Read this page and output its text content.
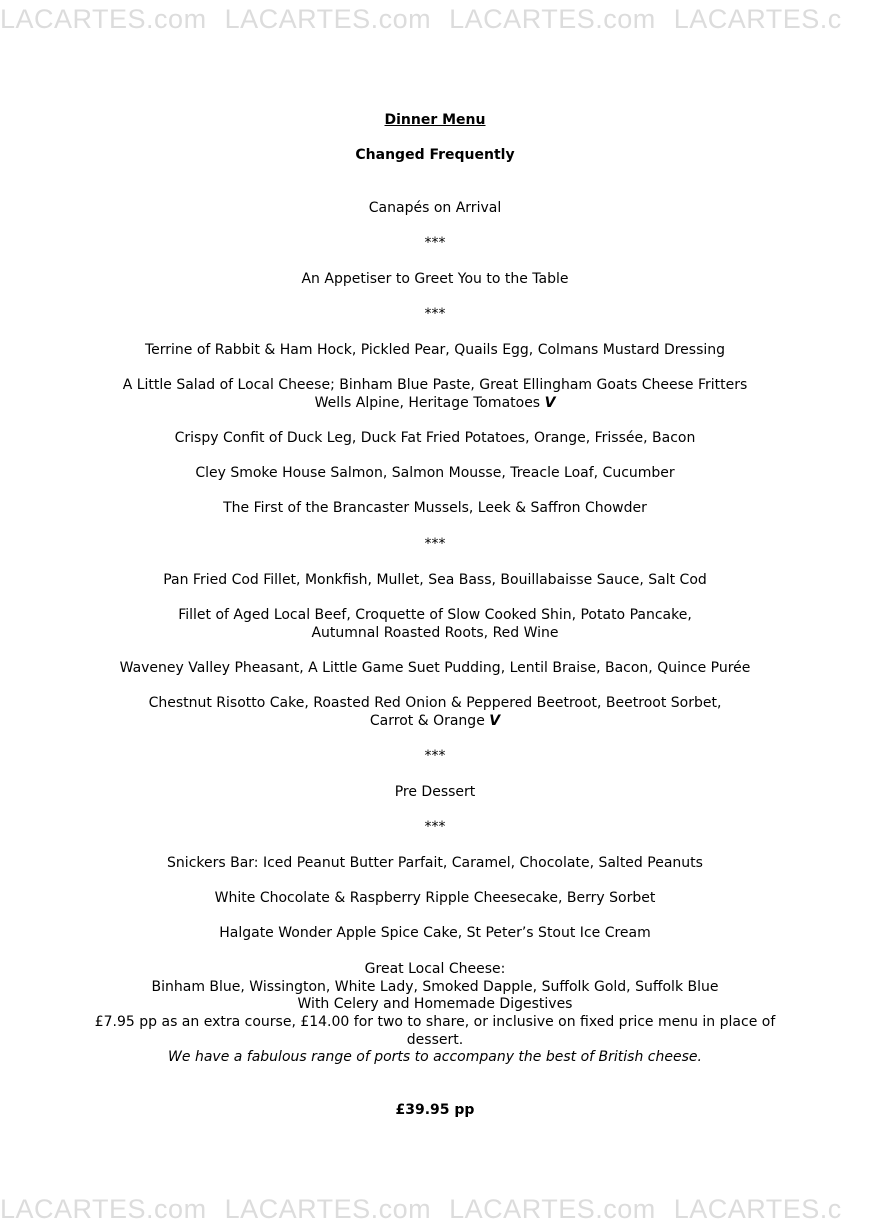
LACARTES.com LACARTES.com LACARTES.com LACARTES.c
Dinner Menu
Changed Frequently
Canapés on Arrival
***
An Appetiser to Greet You to the Table
***
Terrine of Rabbit & Ham Hock, Pickled Pear, Quails Egg, Colmans Mustard Dressing
A Little Salad of Local Cheese; Binham Blue Paste, Great Ellingham Goats Cheese Fritters
Wells Alpine, Heritage Tomatoes V
Crispy Confit of Duck Leg, Duck Fat Fried Potatoes, Orange, Frissée, Bacon
Cley Smoke House Salmon, Salmon Mousse, Treacle Loaf, Cucumber
The First of the Brancaster Mussels, Leek & Saffron Chowder
***
Pan Fried Cod Fillet, Monkfish, Mullet, Sea Bass, Bouillabaisse Sauce, Salt Cod
Fillet of Aged Local Beef, Croquette of Slow Cooked Shin, Potato Pancake,
Autumnal Roasted Roots, Red Wine
Waveney Valley Pheasant, A Little Game Suet Pudding, Lentil Braise, Bacon, Quince Purée
Chestnut Risotto Cake, Roasted Red Onion & Peppered Beetroot, Beetroot Sorbet,
Carrot & Orange V
***
Pre Dessert
***
Snickers Bar: Iced Peanut Butter Parfait, Caramel, Chocolate, Salted Peanuts
White Chocolate & Raspberry Ripple Cheesecake, Berry Sorbet
Halgate Wonder Apple Spice Cake, St Peter’s Stout Ice Cream
Great Local Cheese:
Binham Blue, Wissington, White Lady, Smoked Dapple, Suffolk Gold, Suffolk Blue
With Celery and Homemade Digestives
£7.95 pp as an extra course, £14.00 for two to share, or inclusive on fixed price menu in place of
dessert.
We have a fabulous range of ports to accompany the best of British cheese.
£39.95 pp
LACARTES.com LACARTES.com LACARTES.com LACARTES.c
